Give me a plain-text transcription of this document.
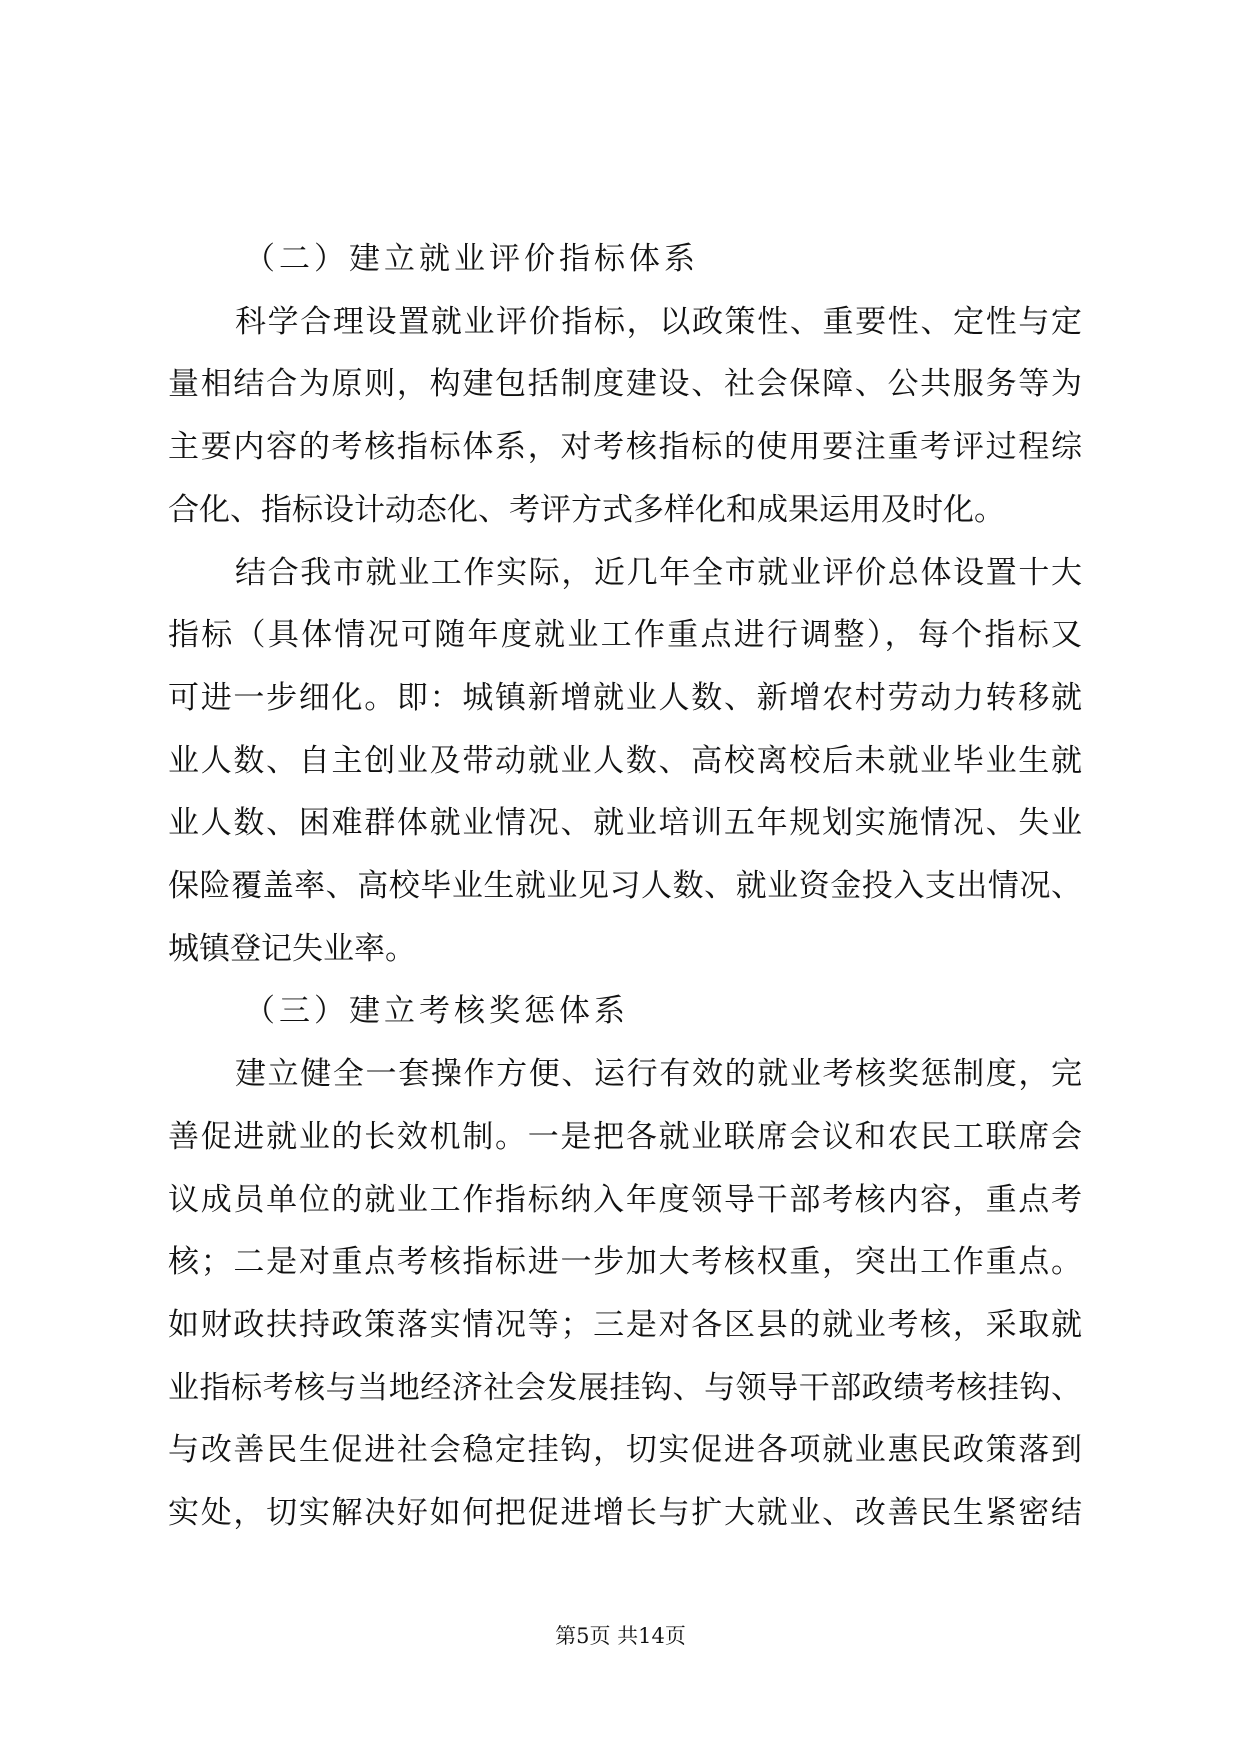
（二）建立就业评价指标体系
科学合理设置就业评价指标，以政策性、重要性、定性与定
量相结合为原则，构建包括制度建设、社会保障、公共服务等为
主要内容的考核指标体系，对考核指标的使用要注重考评过程综
合化、指标设计动态化、考评方式多样化和成果运用及时化。
结合我市就业工作实际，近几年全市就业评价总体设置十大
指标（具体情况可随年度就业工作重点进行调整），每个指标又
可进一步细化。即：城镇新增就业人数、新增农村劳动力转移就
业人数、自主创业及带动就业人数、高校离校后未就业毕业生就
业人数、困难群体就业情况、就业培训五年规划实施情况、失业
保险覆盖率、高校毕业生就业见习人数、就业资金投入支出情况、
城镇登记失业率。
（三）建立考核奖惩体系
建立健全一套操作方便、运行有效的就业考核奖惩制度，完
善促进就业的长效机制。一是把各就业联席会议和农民工联席会
议成员单位的就业工作指标纳入年度领导干部考核内容，重点考
核；二是对重点考核指标进一步加大考核权重，突出工作重点。
如财政扶持政策落实情况等；三是对各区县的就业考核，采取就
业指标考核与当地经济社会发展挂钩、与领导干部政绩考核挂钩、
与改善民生促进社会稳定挂钩，切实促进各项就业惠民政策落到
实处，切实解决好如何把促进增长与扩大就业、改善民生紧密结
第5页 共14页
